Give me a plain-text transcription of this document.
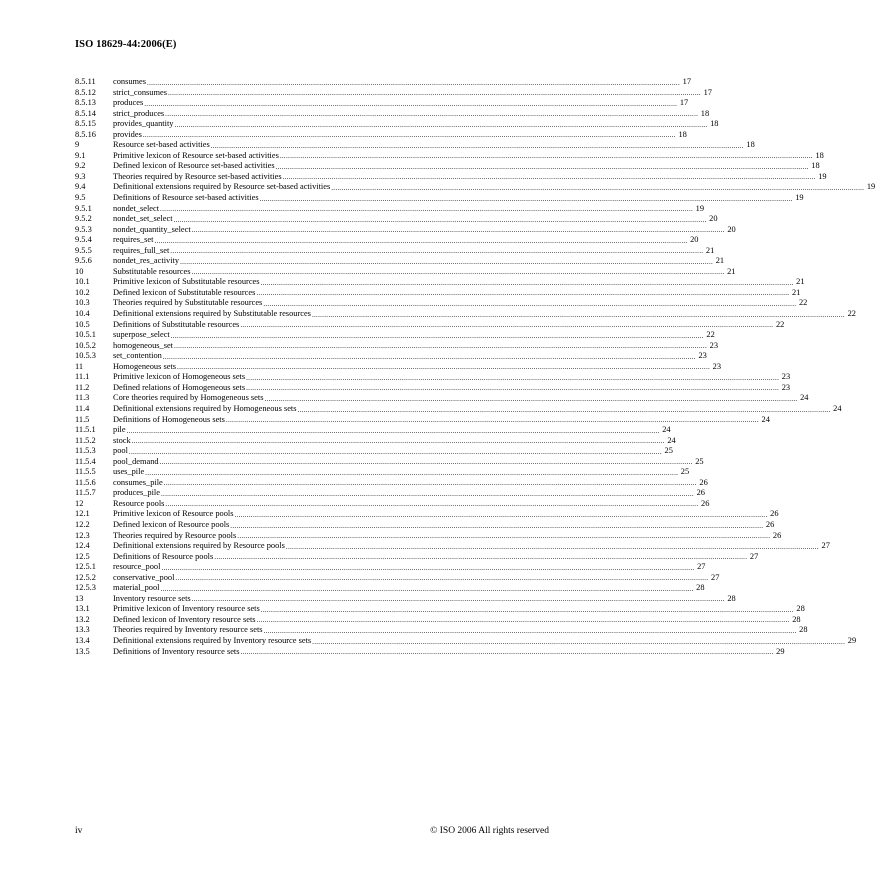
ISO 18629-44:2006(E)
8.5.11	consumes .................................................................................................................................................................................................................................................................... 17
8.5.12	strict_consumes .................................................................................................................................................................................................................................................................... 17
8.5.13	produces .................................................................................................................................................................................................................................................................... 17
8.5.14	strict_produces .................................................................................................................................................................................................................................................................... 18
8.5.15	provides_quantity .................................................................................................................................................................................................................................................................... 18
8.5.16	provides .................................................................................................................................................................................................................................................................... 18
9	Resource set-based activities .................................................................................................................................................................................................................................................................... 18
9.1	Primitive lexicon of Resource set-based activities .................................................................................................................................................................................................................................................................... 18
9.2	Defined lexicon of Resource set-based activities .................................................................................................................................................................................................................................................................... 18
9.3	Theories required by Resource set-based activities .................................................................................................................................................................................................................................................................... 19
9.4	Definitional extensions required by Resource set-based activities .................................................................................................................................................................................................................................................................... 19
9.5	Definitions of Resource set-based activities .................................................................................................................................................................................................................................................................... 19
9.5.1	nondet_select .................................................................................................................................................................................................................................................................... 19
9.5.2	nondet_set_select .................................................................................................................................................................................................................................................................... 20
9.5.3	nondet_quantity_select .................................................................................................................................................................................................................................................................... 20
9.5.4	requires_set .................................................................................................................................................................................................................................................................... 20
9.5.5	requires_full_set .................................................................................................................................................................................................................................................................... 21
9.5.6	nondet_res_activity .................................................................................................................................................................................................................................................................... 21
10	Substitutable resources .................................................................................................................................................................................................................................................................... 21
10.1	Primitive lexicon of Substitutable resources .................................................................................................................................................................................................................................................................... 21
10.2	Defined lexicon of Substitutable resources .................................................................................................................................................................................................................................................................... 21
10.3	Theories required by Substitutable resources .................................................................................................................................................................................................................................................................... 22
10.4	Definitional extensions required by Substitutable resources .................................................................................................................................................................................................................................................................... 22
10.5	Definitions of Substitutable resources .................................................................................................................................................................................................................................................................... 22
10.5.1	superpose_select .................................................................................................................................................................................................................................................................... 22
10.5.2	homogeneous_set .................................................................................................................................................................................................................................................................... 23
10.5.3	set_contention .................................................................................................................................................................................................................................................................... 23
11	Homogeneous sets .................................................................................................................................................................................................................................................................... 23
11.1	Primitive lexicon of Homogeneous sets .................................................................................................................................................................................................................................................................... 23
11.2	Defined relations of Homogeneous sets .................................................................................................................................................................................................................................................................... 23
11.3	Core theories required by Homogeneous sets .................................................................................................................................................................................................................................................................... 24
11.4	Definitional extensions required by Homogeneous sets .................................................................................................................................................................................................................................................................... 24
11.5	Definitions of Homogeneous sets .................................................................................................................................................................................................................................................................... 24
11.5.1	pile .................................................................................................................................................................................................................................................................... 24
11.5.2	stock .................................................................................................................................................................................................................................................................... 24
11.5.3	pool .................................................................................................................................................................................................................................................................... 25
11.5.4	pool_demand .................................................................................................................................................................................................................................................................... 25
11.5.5	uses_pile .................................................................................................................................................................................................................................................................... 25
11.5.6	consumes_pile .................................................................................................................................................................................................................................................................... 26
11.5.7	produces_pile .................................................................................................................................................................................................................................................................... 26
12	Resource pools .................................................................................................................................................................................................................................................................... 26
12.1	Primitive lexicon of Resource pools .................................................................................................................................................................................................................................................................... 26
12.2	Defined lexicon of Resource pools .................................................................................................................................................................................................................................................................... 26
12.3	Theories required by Resource pools .................................................................................................................................................................................................................................................................... 26
12.4	Definitional extensions required by Resource pools .................................................................................................................................................................................................................................................................... 27
12.5	Definitions of Resource pools .................................................................................................................................................................................................................................................................... 27
12.5.1	resource_pool .................................................................................................................................................................................................................................................................... 27
12.5.2	conservative_pool .................................................................................................................................................................................................................................................................... 27
12.5.3	material_pool .................................................................................................................................................................................................................................................................... 28
13	Inventory resource sets .................................................................................................................................................................................................................................................................... 28
13.1	Primitive lexicon of Inventory resource sets .................................................................................................................................................................................................................................................................... 28
13.2	Defined lexicon of Inventory resource sets .................................................................................................................................................................................................................................................................... 28
13.3	Theories required by Inventory resource sets .................................................................................................................................................................................................................................................................... 28
13.4	Definitional extensions required by Inventory resource sets .................................................................................................................................................................................................................................................................... 29
13.5	Definitions of Inventory resource sets .................................................................................................................................................................................................................................................................... 29
iv	© ISO 2006 All rights reserved
